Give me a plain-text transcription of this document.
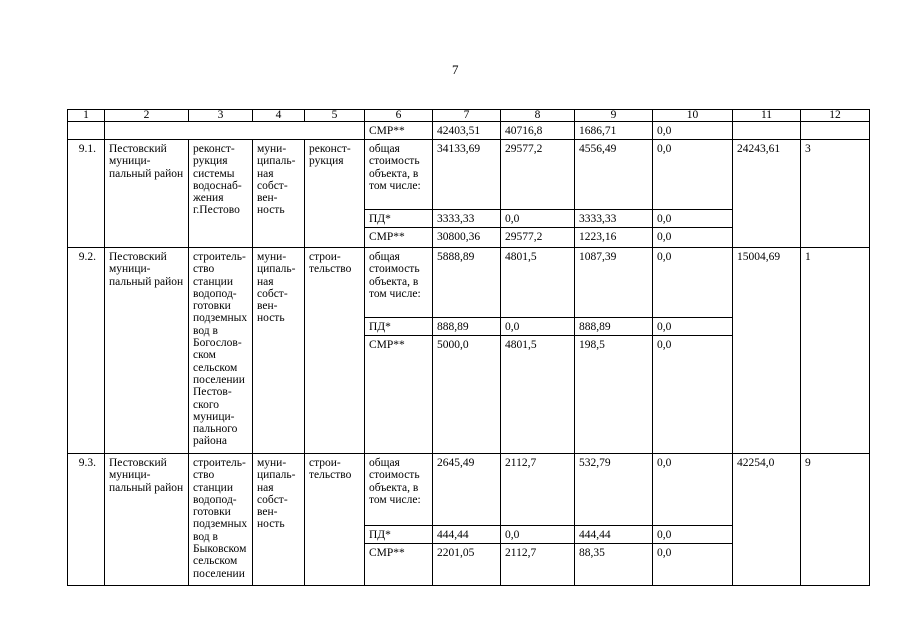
7
1	2	3	4	5	6	7	8	9	10	11	12
					СМР**	42403,51	40716,8	1686,71	0,0		
9.1.	Пестовский муници-пальный район	реконст-рукция системы водоснаб-жения г.Пестово	муни-ципаль-ная собст-вен-ность	реконст-рукция	общая стоимость объекта, в том числе:	34133,69	29577,2	4556,49	0,0	24243,61	3
					ПД*	3333,33	0,0	3333,33	0,0		
					СМР**	30800,36	29577,2	1223,16	0,0		
9.2.	Пестовский муници-пальный район	строитель-ство станции водопод-готовки подземных вод в Богослов-ском сельском поселении Пестов-ского муници-пального района	муни-ципаль-ная собст-вен-ность	строи-тельство	общая стоимость объекта, в том числе:	5888,89	4801,5	1087,39	0,0	15004,69	1
					ПД*	888,89	0,0	888,89	0,0		
					СМР**	5000,0	4801,5	198,5	0,0		
9.3.	Пестовский муници-пальный район	строитель-ство станции водопод-готовки подземных вод в Быковском сельском поселении	муни-ципаль-ная собст-вен-ность	строи-тельство	общая стоимость объекта, в том числе:	2645,49	2112,7	532,79	0,0	42254,0	9
					ПД*	444,44	0,0	444,44	0,0		
					СМР**	2201,05	2112,7	88,35	0,0		
